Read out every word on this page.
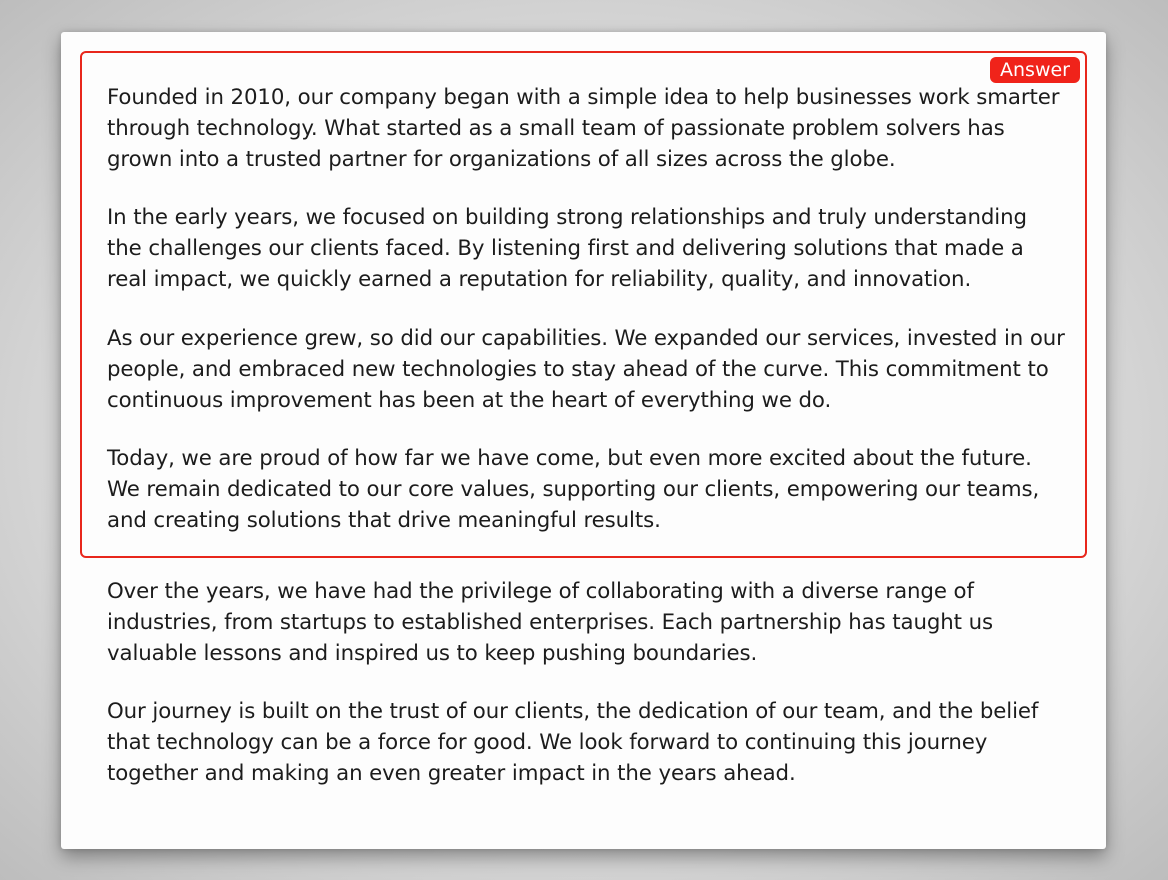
Answer

Founded in 2010, our company began with a simple idea to help businesses work smarter through technology. What started as a small team of passionate problem solvers has grown into a trusted partner for organizations of all sizes across the globe.

In the early years, we focused on building strong relationships and truly understanding the challenges our clients faced. By listening first and delivering solutions that made a real impact, we quickly earned a reputation for reliability, quality, and innovation.

As our experience grew, so did our capabilities. We expanded our services, invested in our people, and embraced new technologies to stay ahead of the curve. This commitment to continuous improvement has been at the heart of everything we do.

Today, we are proud of how far we have come, but even more excited about the future. We remain dedicated to our core values, supporting our clients, empowering our teams, and creating solutions that drive meaningful results.

Over the years, we have had the privilege of collaborating with a diverse range of industries, from startups to established enterprises. Each partnership has taught us valuable lessons and inspired us to keep pushing boundaries.

Our journey is built on the trust of our clients, the dedication of our team, and the belief that technology can be a force for good. We look forward to continuing this journey together and making an even greater impact in the years ahead.
